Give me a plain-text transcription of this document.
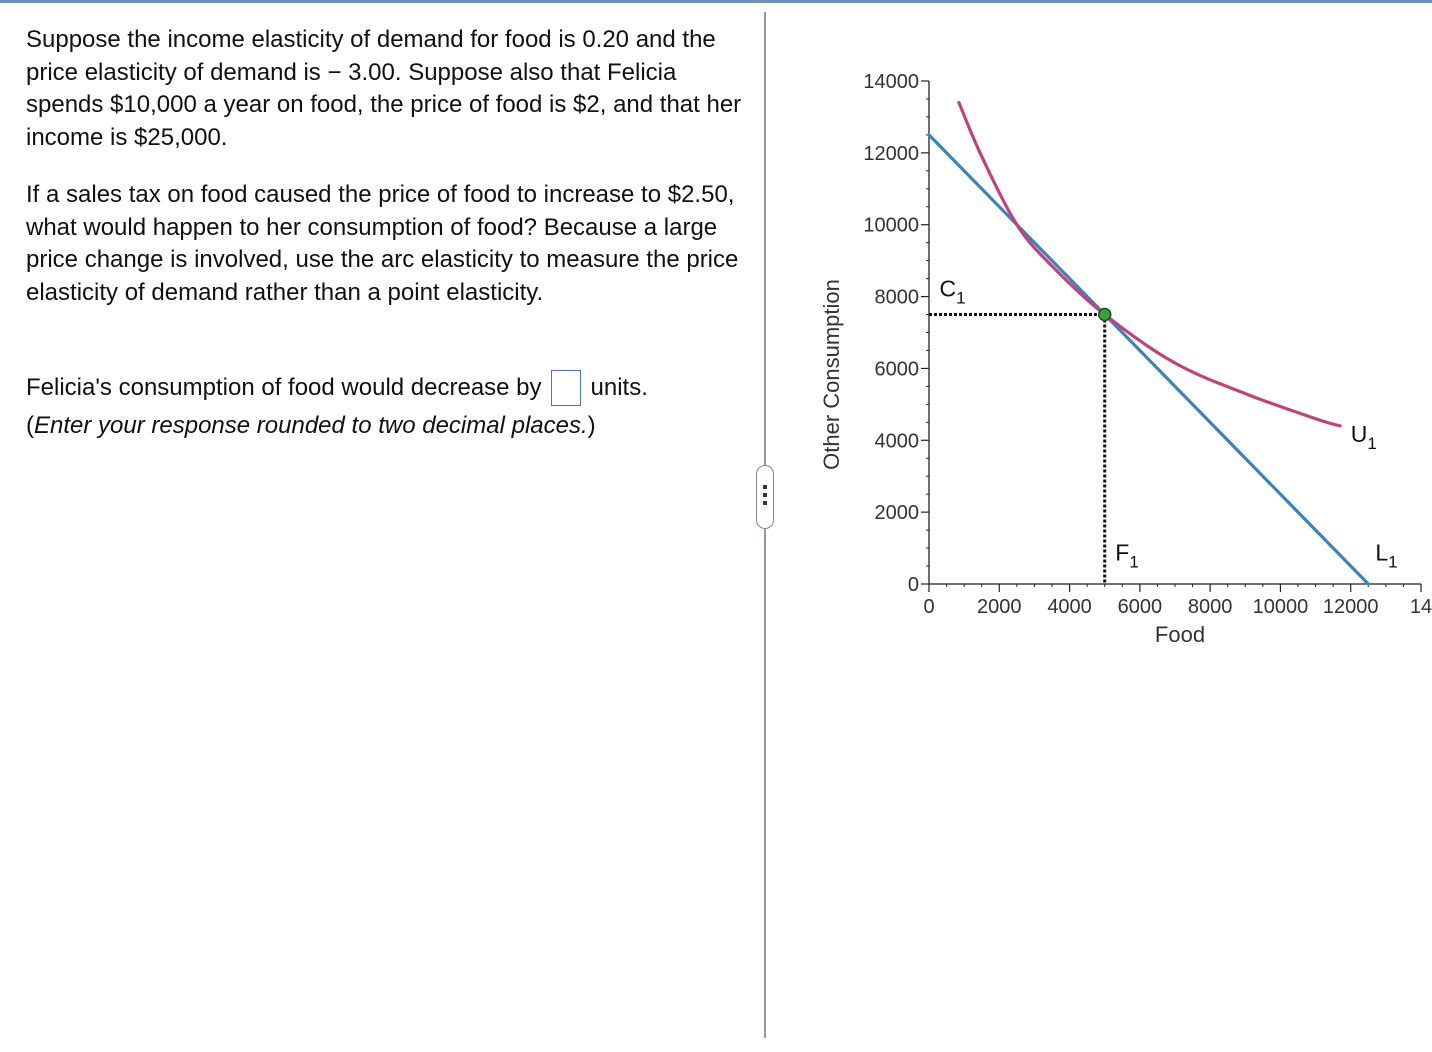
Suppose the income elasticity of demand for food is 0.20 and the price elasticity of demand is − 3.00. Suppose also that Felicia spends $10,000 a year on food, the price of food is $2, and that her income is $25,000.

If a sales tax on food caused the price of food to increase to $2.50, what would happen to her consumption of food? Because a large price change is involved, use the arc elasticity to measure the price elasticity of demand rather than a point elasticity.

Felicia's consumption of food would decrease by units.
(Enter your response rounded to two decimal places.)
0 2000 4000 6000 8000 10000 12000 14
0
2000
4000
6000
8000
10000
12000
14000
Food
Other Consumption	$C_1$
$F_1$
$U_1$
$L_1$
